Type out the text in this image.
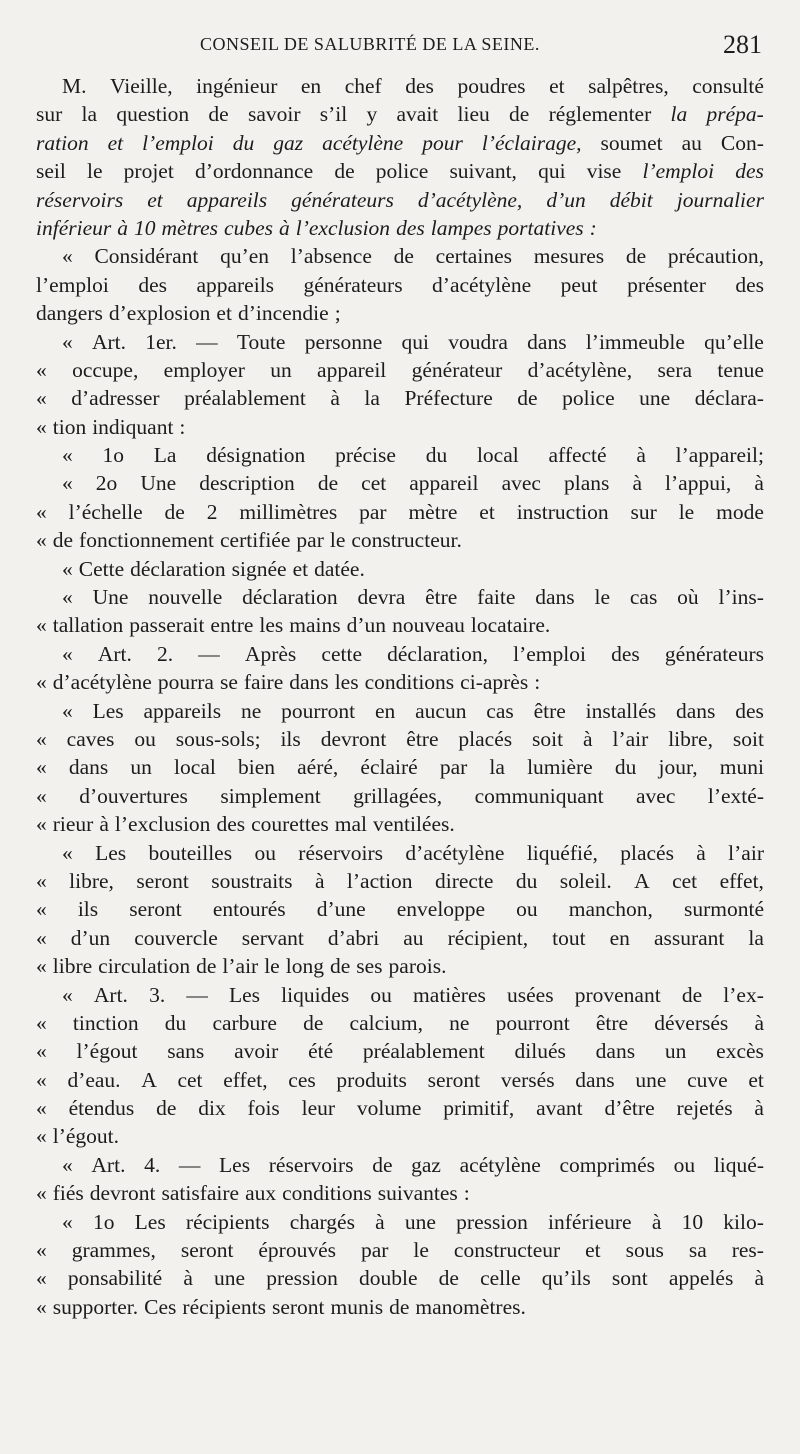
CONSEIL DE SALUBRITÉ DE LA SEINE.	281
M. Vieille, ingénieur en chef des poudres et salpêtres, consulté
sur la question de savoir s’il y avait lieu de réglementer la prépa-
ration et l’emploi du gaz acétylène pour l’éclairage, soumet au Con-
seil le projet d’ordonnance de police suivant, qui vise l’emploi des
réservoirs et appareils générateurs d’acétylène, d’un débit journalier
inférieur à 10 mètres cubes à l’exclusion des lampes portatives :
« Considérant qu’en l’absence de certaines mesures de précaution,
l’emploi des appareils générateurs d’acétylène peut présenter des
dangers d’explosion et d’incendie ;
« Art. 1er. — Toute personne qui voudra dans l’immeuble qu’elle
« occupe, employer un appareil générateur d’acétylène, sera tenue
« d’adresser préalablement à la Préfecture de police une déclara-
« tion indiquant :
« 1o La désignation précise du local affecté à l’appareil;
« 2o Une description de cet appareil avec plans à l’appui, à
« l’échelle de 2 millimètres par mètre et instruction sur le mode
« de fonctionnement certifiée par le constructeur.
« Cette déclaration signée et datée.
« Une nouvelle déclaration devra être faite dans le cas où l’ins-
« tallation passerait entre les mains d’un nouveau locataire.
« Art. 2. — Après cette déclaration, l’emploi des générateurs
« d’acétylène pourra se faire dans les conditions ci-après :
« Les appareils ne pourront en aucun cas être installés dans des
« caves ou sous-sols; ils devront être placés soit à l’air libre, soit
« dans un local bien aéré, éclairé par la lumière du jour, muni
« d’ouvertures simplement grillagées, communiquant avec l’exté-
« rieur à l’exclusion des courettes mal ventilées.
« Les bouteilles ou réservoirs d’acétylène liquéfié, placés à l’air
« libre, seront soustraits à l’action directe du soleil. A cet effet,
« ils seront entourés d’une enveloppe ou manchon, surmonté
« d’un couvercle servant d’abri au récipient, tout en assurant la
« libre circulation de l’air le long de ses parois.
« Art. 3. — Les liquides ou matières usées provenant de l’ex-
« tinction du carbure de calcium, ne pourront être déversés à
« l’égout sans avoir été préalablement dilués dans un excès
« d’eau. A cet effet, ces produits seront versés dans une cuve et
« étendus de dix fois leur volume primitif, avant d’être rejetés à
« l’égout.
« Art. 4. — Les réservoirs de gaz acétylène comprimés ou liqué-
« fiés devront satisfaire aux conditions suivantes :
« 1o Les récipients chargés à une pression inférieure à 10 kilo-
« grammes, seront éprouvés par le constructeur et sous sa res-
« ponsabilité à une pression double de celle qu’ils sont appelés à
« supporter. Ces récipients seront munis de manomètres.
